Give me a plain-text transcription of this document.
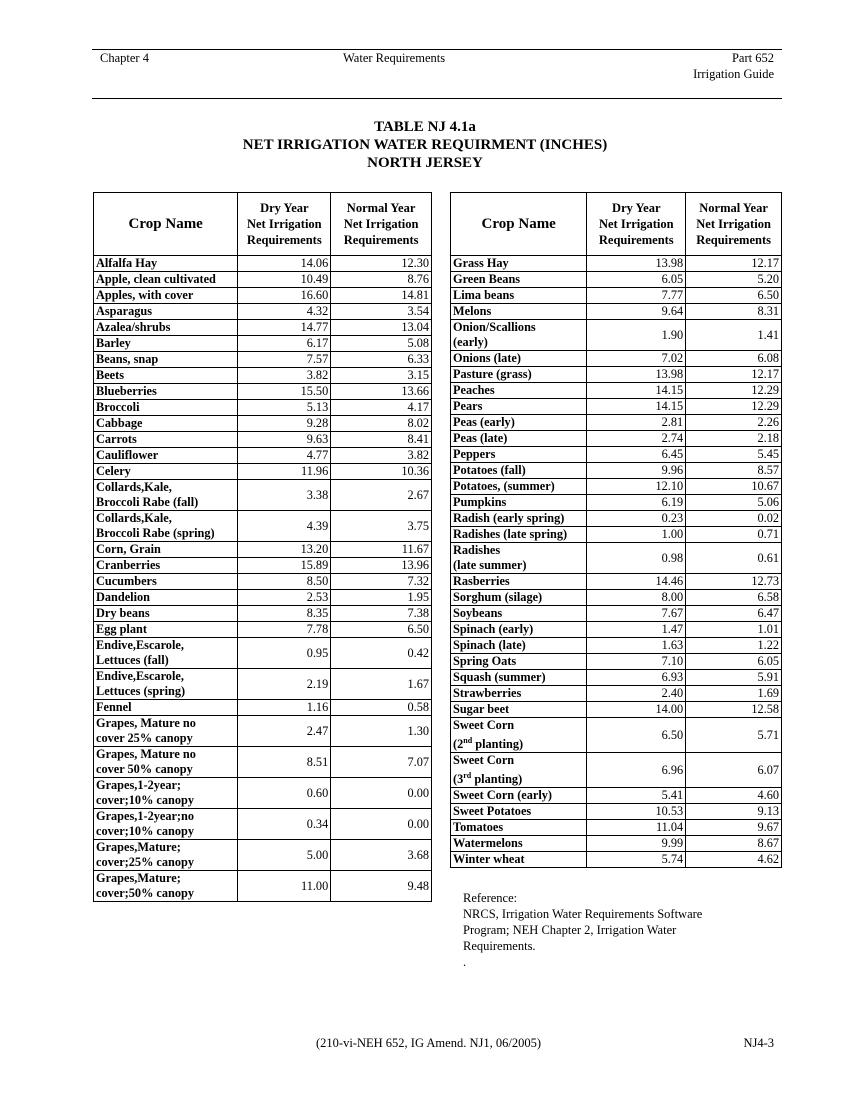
Chapter 4	Water Requirements	Part 652
Irrigation Guide
TABLE NJ 4.1a
NET IRRIGATION WATER REQUIRMENT (INCHES)
NORTH JERSEY
Crop Name	Dry Year
Net Irrigation
Requirements	Normal Year
Net Irrigation
Requirements
Alfalfa Hay	14.06	12.30
Apple, clean cultivated	10.49	8.76
Apples, with cover	16.60	14.81
Asparagus	4.32	3.54
Azalea/shrubs	14.77	13.04
Barley	6.17	5.08
Beans, snap	7.57	6.33
Beets	3.82	3.15
Blueberries	15.50	13.66
Broccoli	5.13	4.17
Cabbage	9.28	8.02
Carrots	9.63	8.41
Cauliflower	4.77	3.82
Celery	11.96	10.36
Collards,Kale,
Broccoli Rabe (fall)	3.38	2.67
Collards,Kale,
Broccoli Rabe (spring)	4.39	3.75
Corn, Grain	13.20	11.67
Cranberries	15.89	13.96
Cucumbers	8.50	7.32
Dandelion	2.53	1.95
Dry beans	8.35	7.38
Egg plant	7.78	6.50
Endive,Escarole,
Lettuces (fall)	0.95	0.42
Endive,Escarole,
Lettuces (spring)	2.19	1.67
Fennel	1.16	0.58
Grapes, Mature no
cover 25% canopy	2.47	1.30
Grapes, Mature no
cover 50% canopy	8.51	7.07
Grapes,1-2year;
cover;10% canopy	0.60	0.00
Grapes,1-2year;no
cover;10% canopy	0.34	0.00
Grapes,Mature;
cover;25% canopy	5.00	3.68
Grapes,Mature;
cover;50% canopy	11.00	9.48
Crop Name	Dry Year
Net Irrigation
Requirements	Normal Year
Net Irrigation
Requirements
Grass Hay	13.98	12.17
Green Beans	6.05	5.20
Lima beans	7.77	6.50
Melons	9.64	8.31
Onion/Scallions
(early)	1.90	1.41
Onions (late)	7.02	6.08
Pasture (grass)	13.98	12.17
Peaches	14.15	12.29
Pears	14.15	12.29
Peas (early)	2.81	2.26
Peas (late)	2.74	2.18
Peppers	6.45	5.45
Potatoes (fall)	9.96	8.57
Potatoes, (summer)	12.10	10.67
Pumpkins	6.19	5.06
Radish (early spring)	0.23	0.02
Radishes (late spring)	1.00	0.71
Radishes
(late summer)	0.98	0.61
Rasberries	14.46	12.73
Sorghum (silage)	8.00	6.58
Soybeans	7.67	6.47
Spinach (early)	1.47	1.01
Spinach (late)	1.63	1.22
Spring Oats	7.10	6.05
Squash (summer)	6.93	5.91
Strawberries	2.40	1.69
Sugar beet	14.00	12.58
Sweet Corn
(2nd planting)	6.50	5.71
Sweet Corn
(3rd planting)	6.96	6.07
Sweet Corn (early)	5.41	4.60
Sweet Potatoes	10.53	9.13
Tomatoes	11.04	9.67
Watermelons	9.99	8.67
Winter wheat	5.74	4.62
Reference:
NRCS, Irrigation Water Requirements Software
Program; NEH Chapter 2, Irrigation Water
Requirements.
.
(210-vi-NEH 652, IG Amend. NJ1, 06/2005)	NJ4-3
